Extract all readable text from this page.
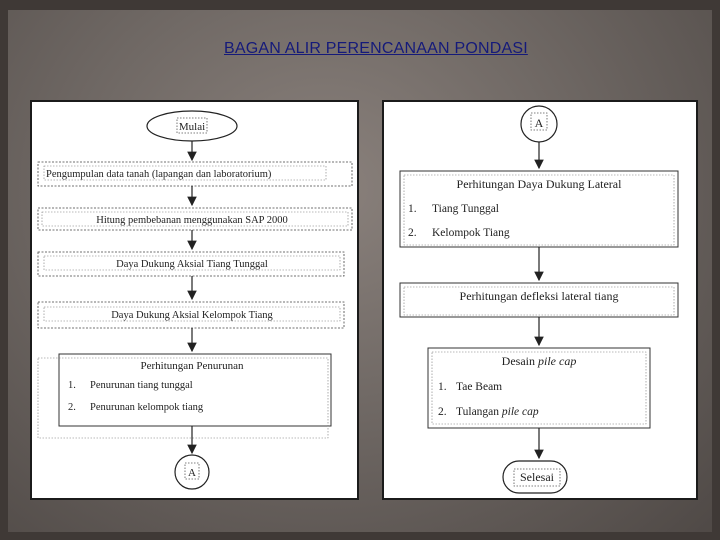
BAGAN ALIR PERENCANAAN PONDASI
Mulai
Pengumpulan data tanah (lapangan dan laboratorium)
Hitung pembebanan menggunakan SAP 2000
Daya Dukung Aksial Tiang Tunggal
Daya Dukung Aksial Kelompok Tiang
Perhitungan Penurunan
1. Penurunan tiang tunggal
2. Penurunan kelompok tiang
A
A
Perhitungan Daya Dukung Lateral
1. Tiang Tunggal
2. Kelompok Tiang
Perhitungan defleksi lateral tiang
Desain pile cap
1. Tae Beam
2. Tulangan pile cap
Selesai
